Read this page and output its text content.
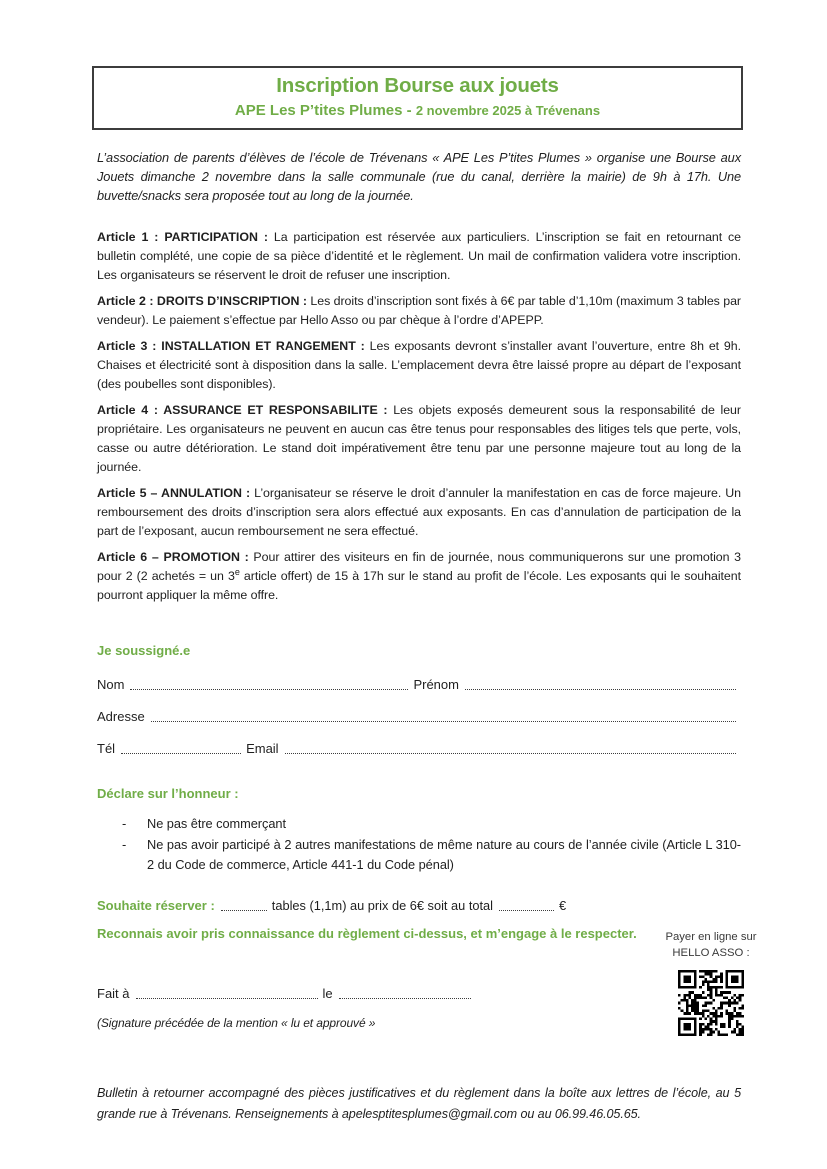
Inscription Bourse aux jouets
APE Les P’tites Plumes - 2 novembre 2025 à Trévenans

L’association de parents d’élèves de l’école de Trévenans « APE Les P’tites Plumes » organise une Bourse aux Jouets dimanche 2 novembre dans la salle communale (rue du canal, derrière la mairie) de 9h à 17h. Une buvette/snacks sera proposée tout au long de la journée.

Article 1 : PARTICIPATION : La participation est réservée aux particuliers. L’inscription se fait en retournant ce bulletin complété, une copie de sa pièce d’identité et le règlement. Un mail de confirmation validera votre inscription. Les organisateurs se réservent le droit de refuser une inscription.

Article 2 : DROITS D’INSCRIPTION : Les droits d’inscription sont fixés à 6€ par table d’1,10m (maximum 3 tables par vendeur). Le paiement s’effectue par Hello Asso ou par chèque à l’ordre d’APEPP.

Article 3 : INSTALLATION ET RANGEMENT : Les exposants devront s’installer avant l’ouverture, entre 8h et 9h. Chaises et électricité sont à disposition dans la salle. L’emplacement devra être laissé propre au départ de l’exposant (des poubelles sont disponibles).

Article 4 : ASSURANCE ET RESPONSABILITE : Les objets exposés demeurent sous la responsabilité de leur propriétaire. Les organisateurs ne peuvent en aucun cas être tenus pour responsables des litiges tels que perte, vols, casse ou autre détérioration. Le stand doit impérativement être tenu par une personne majeure tout au long de la journée.

Article 5 – ANNULATION : L’organisateur se réserve le droit d’annuler la manifestation en cas de force majeure. Un remboursement des droits d’inscription sera alors effectué aux exposants. En cas d’annulation de participation de la part de l’exposant, aucun remboursement ne sera effectué.

Article 6 – PROMOTION : Pour attirer des visiteurs en fin de journée, nous communiquerons sur une promotion 3 pour 2 (2 achetés = un 3e article offert) de 15 à 17h sur le stand au profit de l’école. Les exposants qui le souhaitent pourront appliquer la même offre.

Je soussigné.e
Nom	Prénom
Adresse
Tél	Email
Déclare sur l’honneur :
-	Ne pas être commerçant
-	Ne pas avoir participé à 2 autres manifestations de même nature au cours de l’année civile (Article L 310-2 du Code de commerce, Article 441-1 du Code pénal)
Souhaite réserver :	tables (1,1m) au prix de 6€ soit au total	€
Reconnais avoir pris connaissance du règlement ci-dessus, et m’engage à le respecter.
Fait à	le

(Signature précédée de la mention « lu et approuvé »

Payer en ligne sur
HELLO ASSO :

Bulletin à retourner accompagné des pièces justificatives et du règlement dans la boîte aux lettres de l’école, au 5 grande rue à Trévenans. Renseignements à apelesptitesplumes@gmail.com ou au 06.99.46.05.65.
